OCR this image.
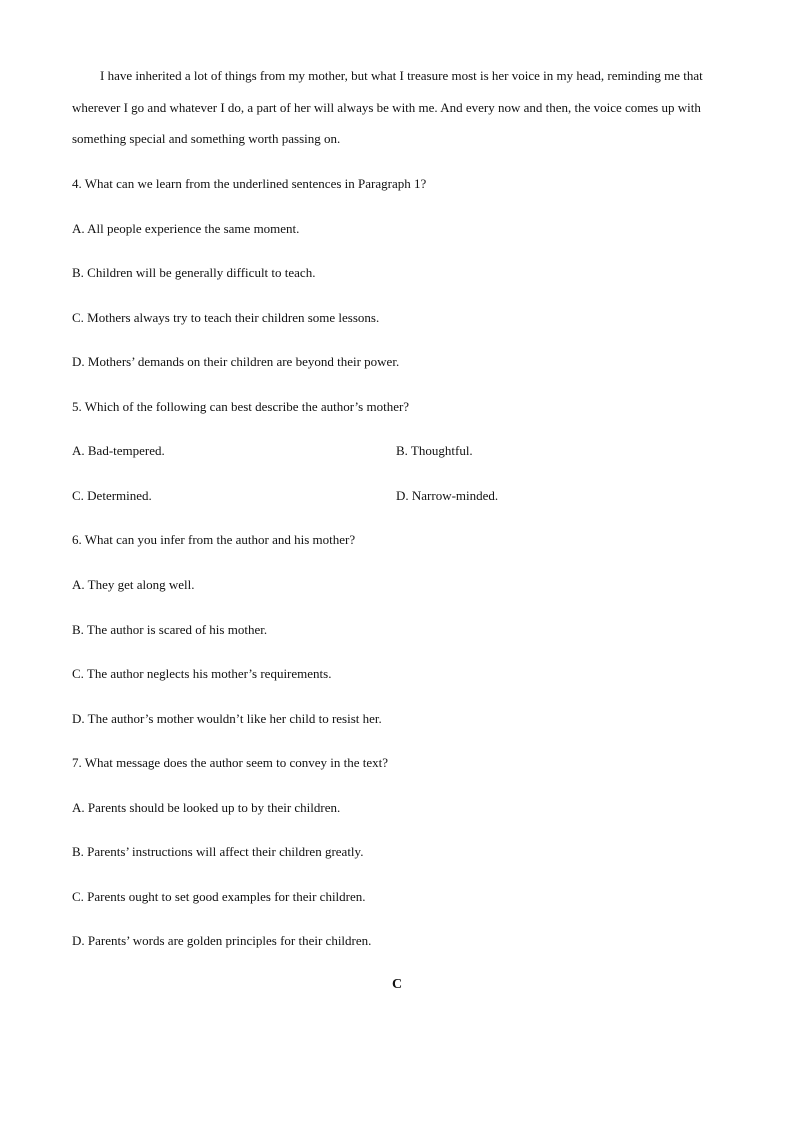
I have inherited a lot of things from my mother, but what I treasure most is her voice in my head, reminding me that wherever I go and whatever I do, a part of her will always be with me. And every now and then, the voice comes up with something special and something worth passing on.

4. What can we learn from the underlined sentences in Paragraph 1?
A. All people experience the same moment.
B. Children will be generally difficult to teach.
C. Mothers always try to teach their children some lessons.
D. Mothers’ demands on their children are beyond their power.
5. Which of the following can best describe the author’s mother?
A. Bad-tempered.	B. Thoughtful.
C. Determined.	D. Narrow-minded.
6. What can you infer from the author and his mother?
A. They get along well.
B. The author is scared of his mother.
C. The author neglects his mother’s requirements.
D. The author’s mother wouldn’t like her child to resist her.
7. What message does the author seem to convey in the text?
A. Parents should be looked up to by their children.
B. Parents’ instructions will affect their children greatly.
C. Parents ought to set good examples for their children.
D. Parents’ words are golden principles for their children.
C
